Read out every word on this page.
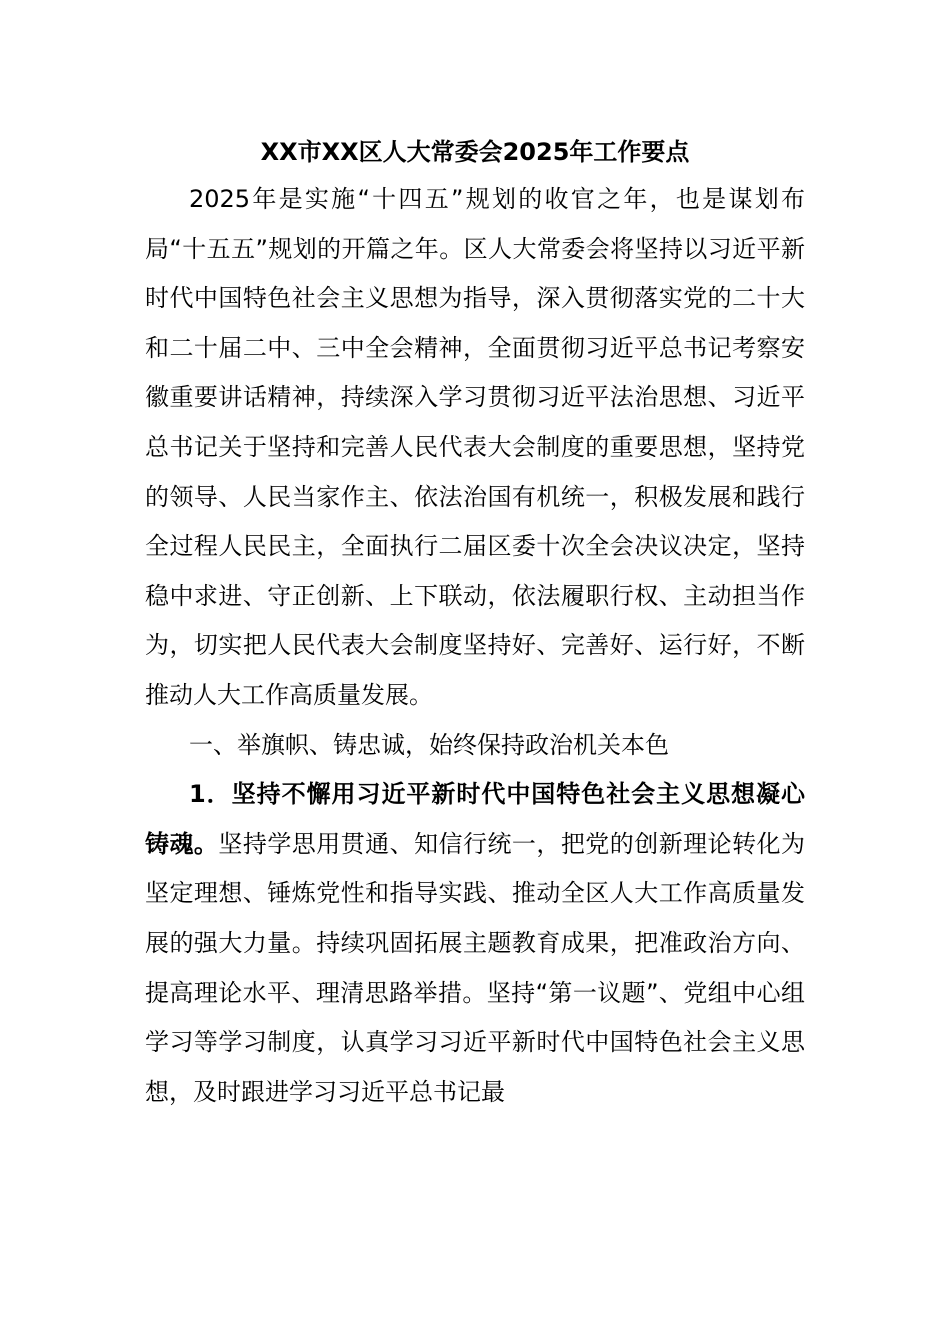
XX市XX区人大常委会2025年工作要点

2025年是实施“十四五”规划的收官之年，也是谋划布局“十五五”规划的开篇之年。区人大常委会将坚持以习近平新时代中国特色社会主义思想为指导，深入贯彻落实党的二十大和二十届二中、三中全会精神，全面贯彻习近平总书记考察安徽重要讲话精神，持续深入学习贯彻习近平法治思想、习近平总书记关于坚持和完善人民代表大会制度的重要思想，坚持党的领导、人民当家作主、依法治国有机统一，积极发展和践行全过程人民民主，全面执行二届区委十次全会决议决定，坚持稳中求进、守正创新、上下联动，依法履职行权、主动担当作为，切实把人民代表大会制度坚持好、完善好、运行好，不断推动人大工作高质量发展。

一、举旗帜、铸忠诚，始终保持政治机关本色

1．坚持不懈用习近平新时代中国特色社会主义思想凝心铸魂。坚持学思用贯通、知信行统一，把党的创新理论转化为坚定理想、锤炼党性和指导实践、推动全区人大工作高质量发展的强大力量。持续巩固拓展主题教育成果，把准政治方向、提高理论水平、理清思路举措。坚持“第一议题”、党组中心组学习等学习制度，认真学习习近平新时代中国特色社会主义思想，及时跟进学习习近平总书记最
